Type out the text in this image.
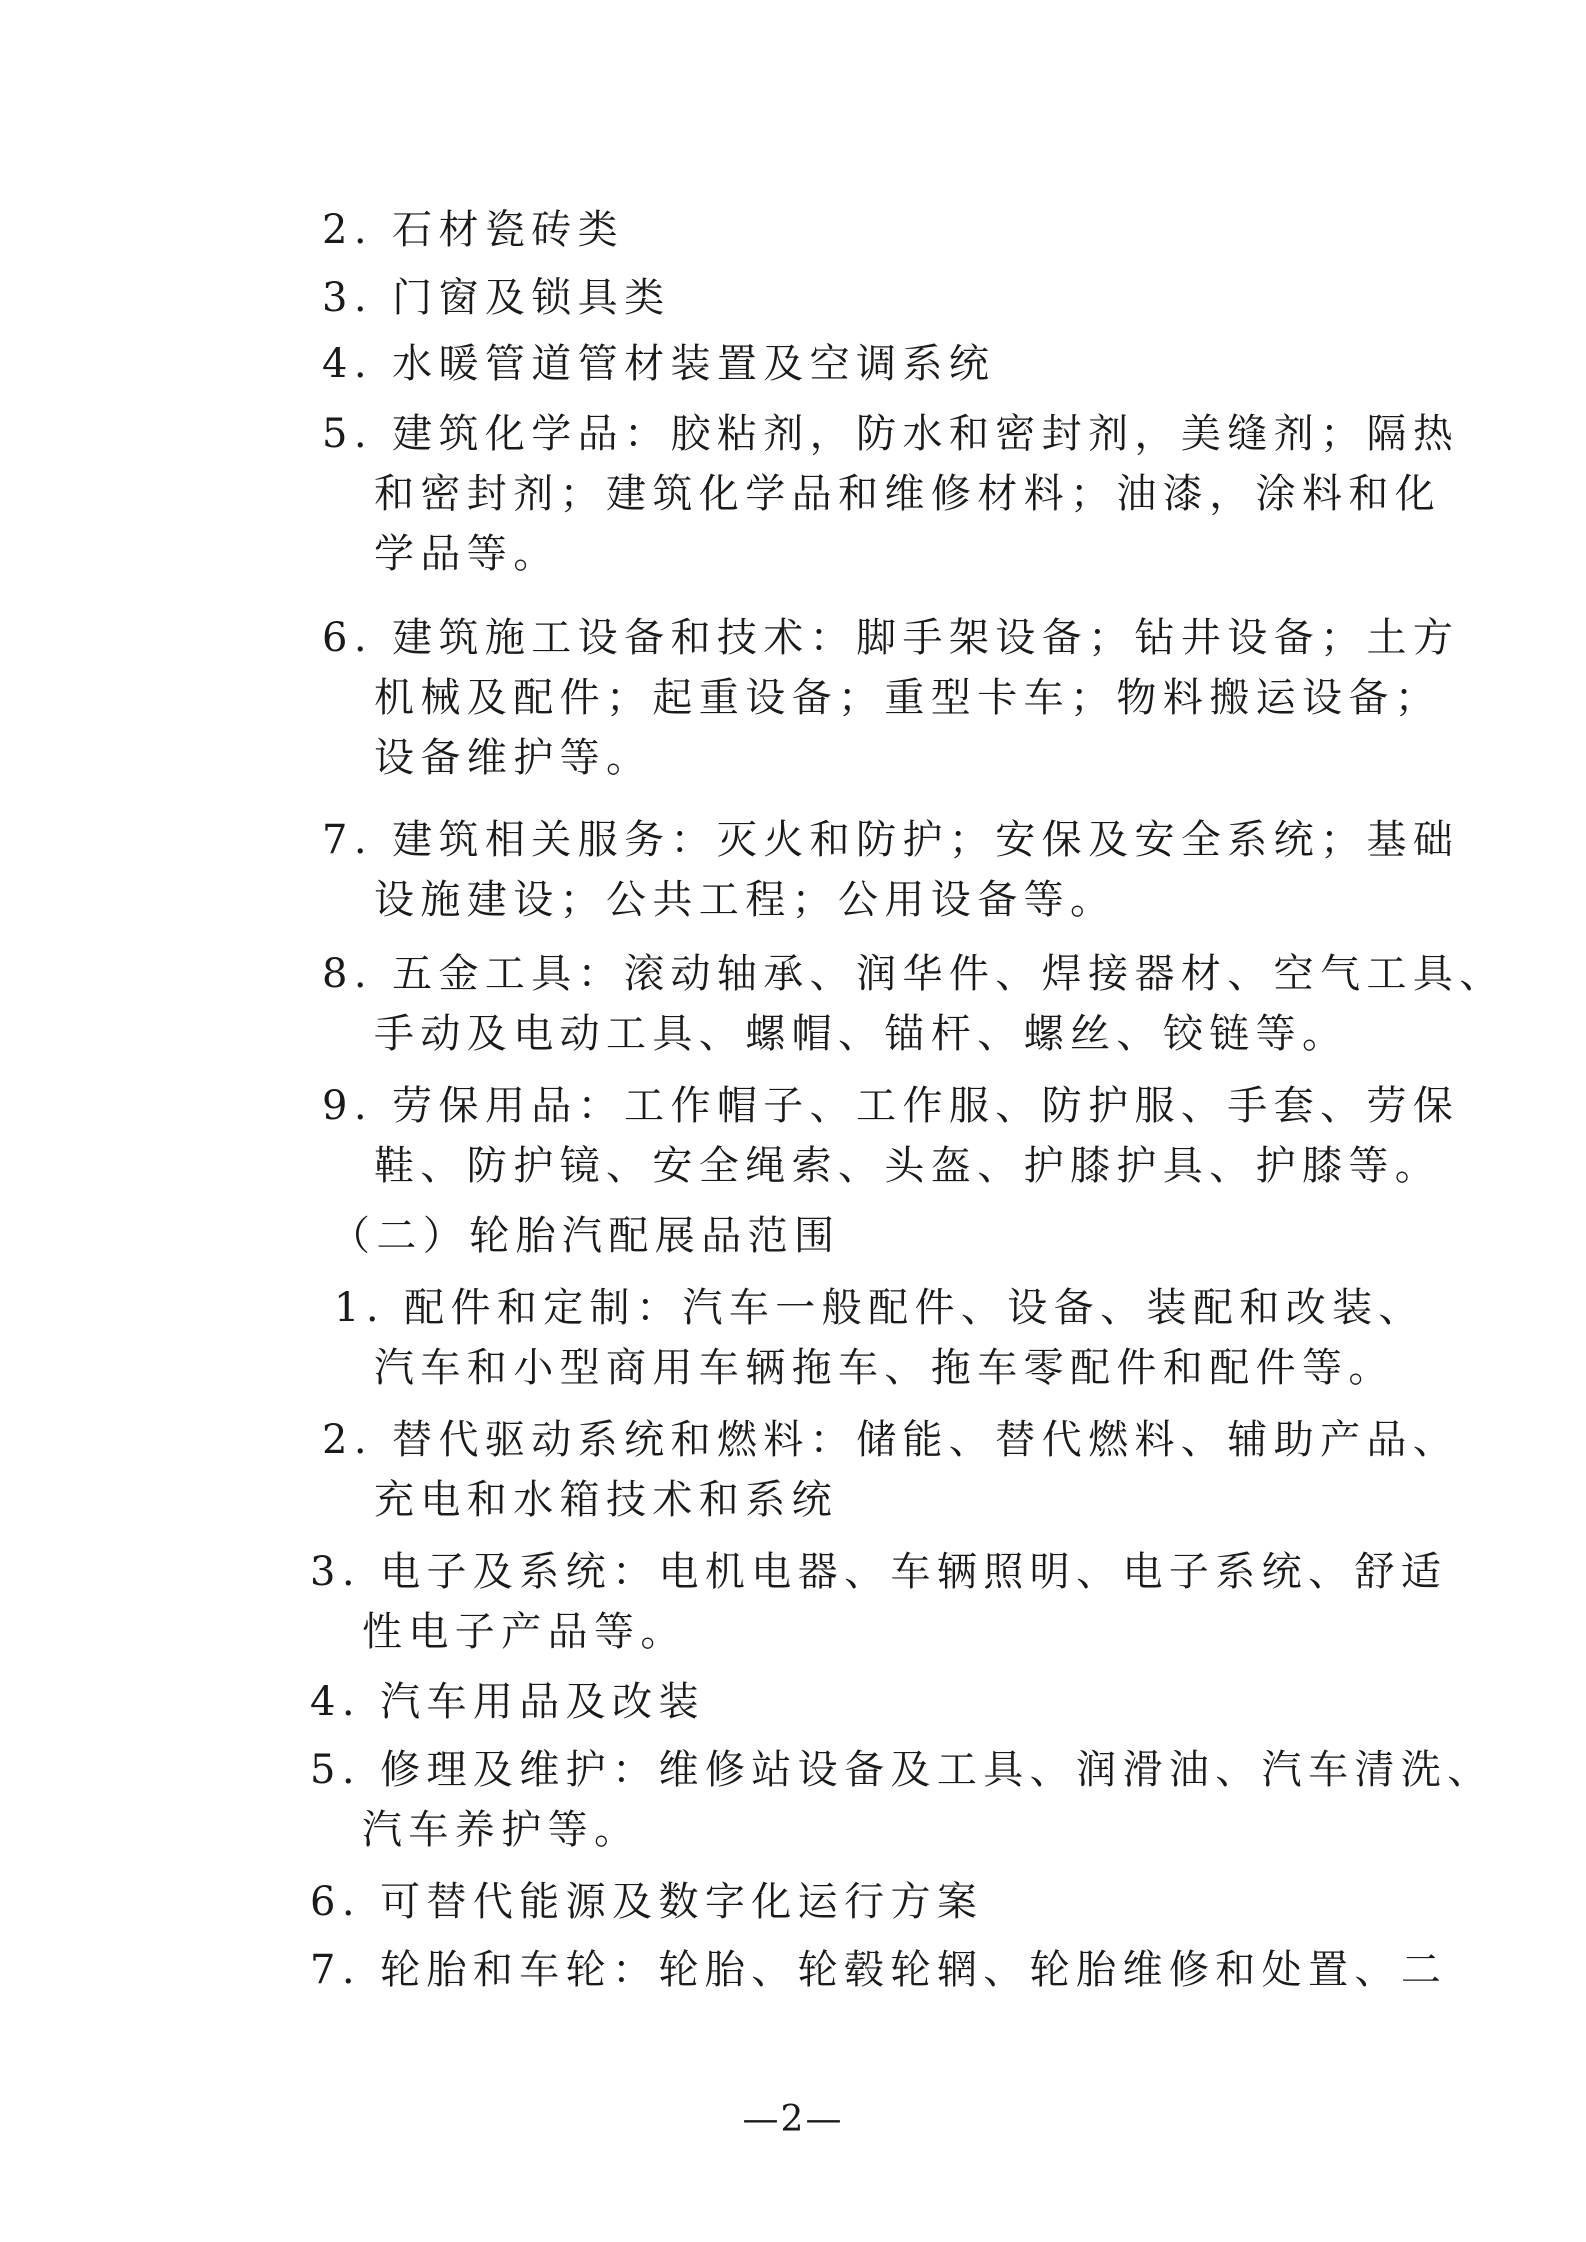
2. 石材瓷砖类
3. 门窗及锁具类
4. 水暖管道管材装置及空调系统
5. 建筑化学品：胶粘剂，防水和密封剂，美缝剂；隔热
和密封剂；建筑化学品和维修材料；油漆，涂料和化
学品等。
6. 建筑施工设备和技术：脚手架设备；钻井设备；土方
机械及配件；起重设备；重型卡车；物料搬运设备；
设备维护等。
7. 建筑相关服务：灭火和防护；安保及安全系统；基础
设施建设；公共工程；公用设备等。
8. 五金工具：滚动轴承、润华件、焊接器材、空气工具、
手动及电动工具、螺帽、锚杆、螺丝、铰链等。
9. 劳保用品：工作帽子、工作服、防护服、手套、劳保
鞋、防护镜、安全绳索、头盔、护膝护具、护膝等。
（二）轮胎汽配展品范围
1. 配件和定制：汽车一般配件、设备、装配和改装、
汽车和小型商用车辆拖车、拖车零配件和配件等。
2. 替代驱动系统和燃料：储能、替代燃料、辅助产品、
充电和水箱技术和系统
3. 电子及系统：电机电器、车辆照明、电子系统、舒适
性电子产品等。
4. 汽车用品及改装
5. 修理及维护：维修站设备及工具、润滑油、汽车清洗、
汽车养护等。
6. 可替代能源及数字化运行方案
7. 轮胎和车轮：轮胎、轮毂轮辋、轮胎维修和处置、二
—2—
